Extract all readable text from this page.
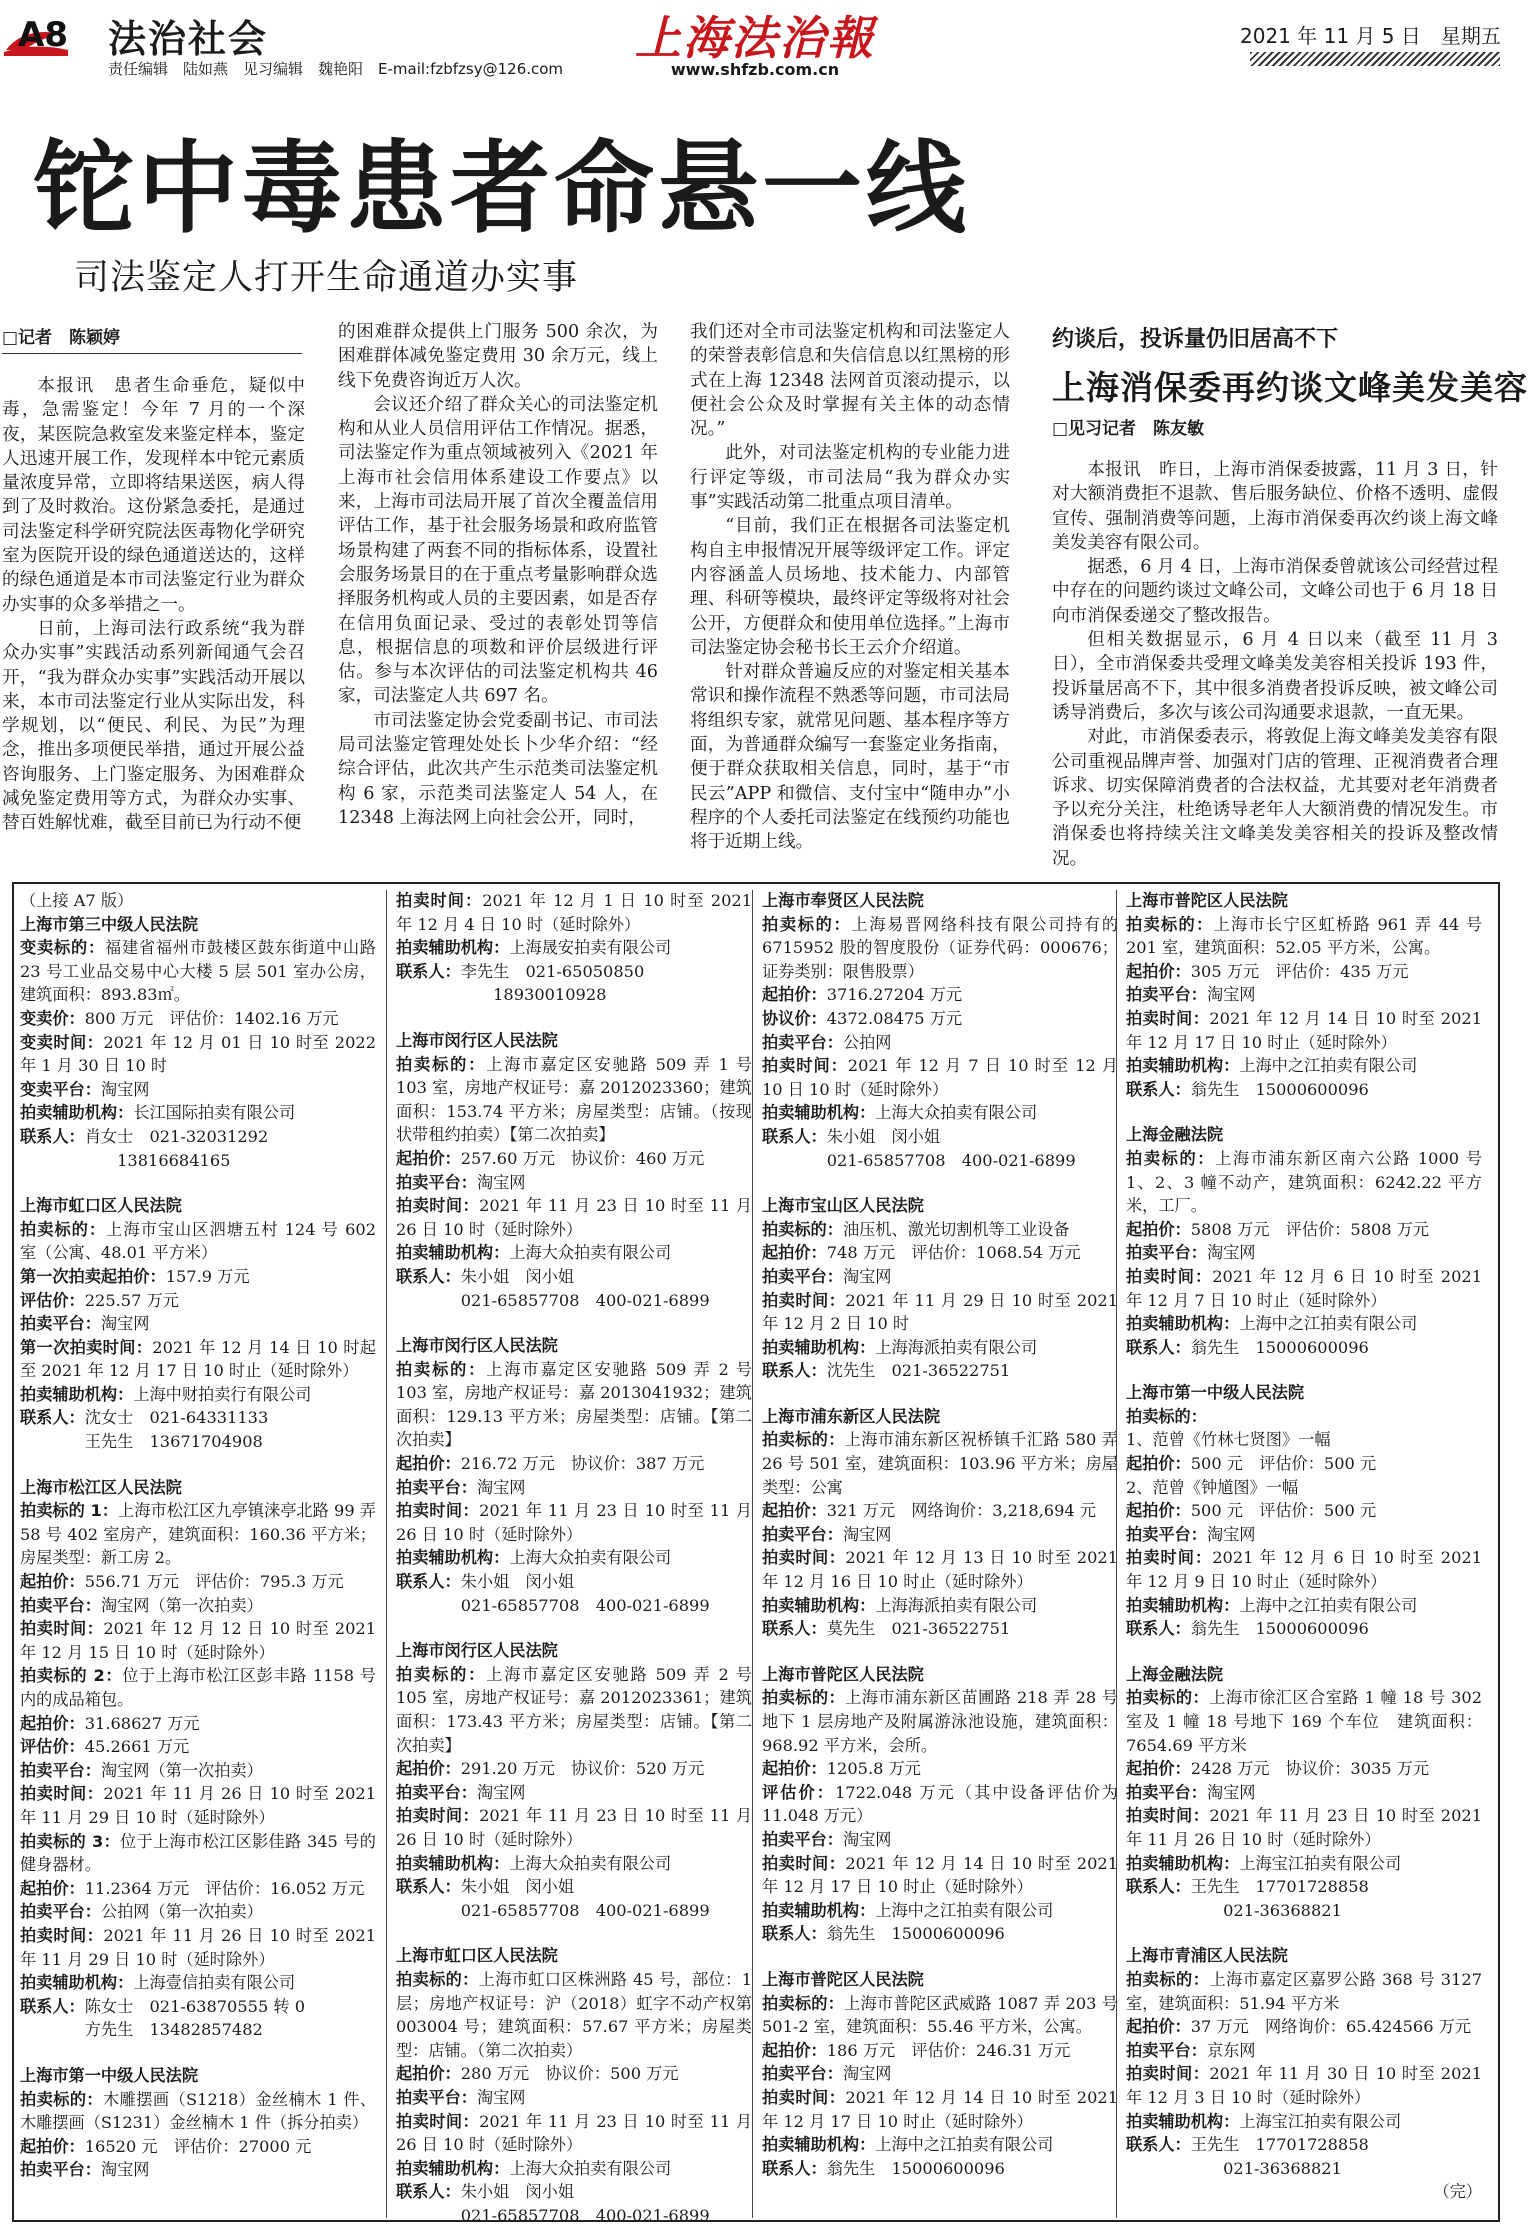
A8 法治社会
责任编辑　陆如燕　见习编辑　魏艳阳　E-mail:fzbfzsy@126.com
上海法治報
www.shfzb.com.cn
2021 年 11 月 5 日　星期五
铊中毒患者命悬一线
司法鉴定人打开生命通道办实事
□记者　陈颖婷

本报讯　患者生命垂危，疑似中毒，急需鉴定！今年 7 月的一个深夜，某医院急救室发来鉴定样本，鉴定人迅速开展工作，发现样本中铊元素质量浓度异常，立即将结果送医，病人得到了及时救治。这份紧急委托，是通过司法鉴定科学研究院法医毒物化学研究室为医院开设的绿色通道送达的，这样的绿色通道是本市司法鉴定行业为群众办实事的众多举措之一。

日前，上海司法行政系统“我为群众办实事”实践活动系列新闻通气会召开，“我为群众办实事”实践活动开展以来，本市司法鉴定行业从实际出发，科学规划，以“便民、利民、为民”为理念，推出多项便民举措，通过开展公益咨询服务、上门鉴定服务、为困难群众减免鉴定费用等方式，为群众办实事、替百姓解忧难，截至目前已为行动不便

的困难群众提供上门服务 500 余次，为困难群体减免鉴定费用 30 余万元，线上线下免费咨询近万人次。

会议还介绍了群众关心的司法鉴定机构和从业人员信用评估工作情况。据悉，司法鉴定作为重点领域被列入《2021 年上海市社会信用体系建设工作要点》以来，上海市司法局开展了首次全覆盖信用评估工作，基于社会服务场景和政府监管场景构建了两套不同的指标体系，设置社会服务场景目的在于重点考量影响群众选择服务机构或人员的主要因素，如是否存在信用负面记录、受过的表彰处罚等信息，根据信息的项数和评价层级进行评估。参与本次评估的司法鉴定机构共 46 家，司法鉴定人共 697 名。

市司法鉴定协会党委副书记、市司法局司法鉴定管理处处长卜少华介绍：“经综合评估，此次共产生示范类司法鉴定机构 6 家，示范类司法鉴定人 54 人，在 12348 上海法网上向社会公开，同时，

我们还对全市司法鉴定机构和司法鉴定人的荣誉表彰信息和失信信息以红黑榜的形式在上海 12348 法网首页滚动提示，以便社会公众及时掌握有关主体的动态情况。”

此外，对司法鉴定机构的专业能力进行评定等级，市司法局“我为群众办实事”实践活动第二批重点项目清单。

“目前，我们正在根据各司法鉴定机构自主申报情况开展等级评定工作。评定内容涵盖人员场地、技术能力、内部管理、科研等模块，最终评定等级将对社会公开，方便群众和使用单位选择。”上海市司法鉴定协会秘书长王云介介绍道。

针对群众普遍反应的对鉴定相关基本常识和操作流程不熟悉等问题，市司法局将组织专家，就常见问题、基本程序等方面，为普通群众编写一套鉴定业务指南，便于群众获取相关信息，同时，基于“市民云”APP 和微信、支付宝中“随申办”小程序的个人委托司法鉴定在线预约功能也将于近期上线。

约谈后，投诉量仍旧居高不下
上海消保委再约谈文峰美发美容
□见习记者　陈友敏

本报讯　昨日，上海市消保委披露，11 月 3 日，针对大额消费拒不退款、售后服务缺位、价格不透明、虚假宣传、强制消费等问题，上海市消保委再次约谈上海文峰美发美容有限公司。

据悉，6 月 4 日，上海市消保委曾就该公司经营过程中存在的问题约谈过文峰公司，文峰公司也于 6 月 18 日向市消保委递交了整改报告。

但相关数据显示，6 月 4 日以来（截至 11 月 3 日），全市消保委共受理文峰美发美容相关投诉 193 件，投诉量居高不下，其中很多消费者投诉反映，被文峰公司诱导消费后，多次与该公司沟通要求退款，一直无果。

对此，市消保委表示，将敦促上海文峰美发美容有限公司重视品牌声誉、加强对门店的管理、正视消费者合理诉求、切实保障消费者的合法权益，尤其要对老年消费者予以充分关注，杜绝诱导老年人大额消费的情况发生。市消保委也将持续关注文峰美发美容相关的投诉及整改情况。

（上接 A7 版）
上海市第三中级人民法院
变卖标的：福建省福州市鼓楼区鼓东街道中山路 23 号工业品交易中心大楼 5 层 501 室办公房，建筑面积：893.83㎡。
变卖价：800 万元　评估价：1402.16 万元
变卖时间：2021 年 12 月 01 日 10 时至 2022 年 1 月 30 日 10 时
变卖平台：淘宝网
拍卖辅助机构：长江国际拍卖有限公司
联系人：肖女士　021-32031292
　　　　　　13816684165
上海市虹口区人民法院
拍卖标的：上海市宝山区泗塘五村 124 号 602 室（公寓、48.01 平方米）
第一次拍卖起拍价：157.9 万元
评估价：225.57 万元
拍卖平台：淘宝网
第一次拍卖时间：2021 年 12 月 14 日 10 时起至 2021 年 12 月 17 日 10 时止（延时除外）
拍卖辅助机构：上海中财拍卖行有限公司
联系人：沈女士　021-64331133
　　　　王先生　13671704908
上海市松江区人民法院
拍卖标的 1：上海市松江区九亭镇涞亭北路 99 弄 58 号 402 室房产，建筑面积：160.36 平方米；房屋类型：新工房 2。
起拍价：556.71 万元　评估价：795.3 万元
拍卖平台：淘宝网（第一次拍卖）
拍卖时间：2021 年 12 月 12 日 10 时至 2021 年 12 月 15 日 10 时（延时除外）
拍卖标的 2：位于上海市松江区彭丰路 1158 号内的成品箱包。
起拍价：31.68627 万元
评估价：45.2661 万元
拍卖平台：淘宝网（第一次拍卖）
拍卖时间：2021 年 11 月 26 日 10 时至 2021 年 11 月 29 日 10 时（延时除外）
拍卖标的 3：位于上海市松江区影佳路 345 号的健身器材。
起拍价：11.2364 万元　评估价：16.052 万元
拍卖平台：公拍网（第一次拍卖）
拍卖时间：2021 年 11 月 26 日 10 时至 2021 年 11 月 29 日 10 时（延时除外）
拍卖辅助机构：上海壹信拍卖有限公司
联系人：陈女士　021-63870555 转 0
　　　　方先生　13482857482
上海市第一中级人民法院
拍卖标的：木雕摆画（S1218）金丝楠木 1 件、木雕摆画（S1231）金丝楠木 1 件（拆分拍卖）
起拍价：16520 元　评估价：27000 元
拍卖平台：淘宝网
拍卖时间：2021 年 12 月 1 日 10 时至 2021 年 12 月 4 日 10 时（延时除外）
拍卖辅助机构：上海晟安拍卖有限公司
联系人：李先生　021-65050850
　　　　　　18930010928
上海市闵行区人民法院
拍卖标的：上海市嘉定区安驰路 509 弄 1 号 103 室，房地产权证号：嘉 2012023360；建筑面积：153.74 平方米；房屋类型：店铺。（按现状带租约拍卖）【第二次拍卖】
起拍价：257.60 万元　协议价：460 万元
拍卖平台：淘宝网
拍卖时间：2021 年 11 月 23 日 10 时至 11 月 26 日 10 时（延时除外）
拍卖辅助机构：上海大众拍卖有限公司
联系人：朱小姐　闵小姐
　　　　021-65857708　400-021-6899
上海市闵行区人民法院
拍卖标的：上海市嘉定区安驰路 509 弄 2 号 103 室，房地产权证号：嘉 2013041932；建筑面积：129.13 平方米；房屋类型：店铺。【第二次拍卖】
起拍价：216.72 万元　协议价：387 万元
拍卖平台：淘宝网
拍卖时间：2021 年 11 月 23 日 10 时至 11 月 26 日 10 时（延时除外）
拍卖辅助机构：上海大众拍卖有限公司
联系人：朱小姐　闵小姐
　　　　021-65857708　400-021-6899
上海市闵行区人民法院
拍卖标的：上海市嘉定区安驰路 509 弄 2 号 105 室，房地产权证号：嘉 2012023361；建筑面积：173.43 平方米；房屋类型：店铺。【第二次拍卖】
起拍价：291.20 万元　协议价：520 万元
拍卖平台：淘宝网
拍卖时间：2021 年 11 月 23 日 10 时至 11 月 26 日 10 时（延时除外）
拍卖辅助机构：上海大众拍卖有限公司
联系人：朱小姐　闵小姐
　　　　021-65857708　400-021-6899
上海市虹口区人民法院
拍卖标的：上海市虹口区株洲路 45 号，部位：1 层；房地产权证号：沪（2018）虹字不动产权第 003004 号；建筑面积：57.67 平方米；房屋类型：店铺。（第二次拍卖）
起拍价：280 万元　协议价：500 万元
拍卖平台：淘宝网
拍卖时间：2021 年 11 月 23 日 10 时至 11 月 26 日 10 时（延时除外）
拍卖辅助机构：上海大众拍卖有限公司
联系人：朱小姐　闵小姐
　　　　021-65857708　400-021-6899
上海市奉贤区人民法院
拍卖标的：上海易晋网络科技有限公司持有的 6715952 股的智度股份（证券代码：000676；证券类别：限售股票）
起拍价：3716.27204 万元
协议价：4372.08475 万元
拍卖平台：公拍网
拍卖时间：2021 年 12 月 7 日 10 时至 12 月 10 日 10 时（延时除外）
拍卖辅助机构：上海大众拍卖有限公司
联系人：朱小姐　闵小姐
　　　　021-65857708　400-021-6899
上海市宝山区人民法院
拍卖标的：油压机、激光切割机等工业设备
起拍价：748 万元　评估价：1068.54 万元
拍卖平台：淘宝网
拍卖时间：2021 年 11 月 29 日 10 时至 2021 年 12 月 2 日 10 时
拍卖辅助机构：上海海派拍卖有限公司
联系人：沈先生　021-36522751
上海市浦东新区人民法院
拍卖标的：上海市浦东新区祝桥镇千汇路 580 弄 26 号 501 室，建筑面积：103.96 平方米；房屋类型：公寓
起拍价：321 万元　网络询价：3,218,694 元
拍卖平台：淘宝网
拍卖时间：2021 年 12 月 13 日 10 时至 2021 年 12 月 16 日 10 时止（延时除外）
拍卖辅助机构：上海海派拍卖有限公司
联系人：莫先生　021-36522751
上海市普陀区人民法院
拍卖标的：上海市浦东新区苗圃路 218 弄 28 号地下 1 层房地产及附属游泳池设施，建筑面积：968.92 平方米，会所。
起拍价：1205.8 万元
评估价：1722.048 万元（其中设备评估价为 11.048 万元）
拍卖平台：淘宝网
拍卖时间：2021 年 12 月 14 日 10 时至 2021 年 12 月 17 日 10 时止（延时除外）
拍卖辅助机构：上海中之江拍卖有限公司
联系人：翁先生　15000600096
上海市普陀区人民法院
拍卖标的：上海市普陀区武威路 1087 弄 203 号 501-2 室，建筑面积：55.46 平方米，公寓。
起拍价：186 万元　评估价：246.31 万元
拍卖平台：淘宝网
拍卖时间：2021 年 12 月 14 日 10 时至 2021 年 12 月 17 日 10 时止（延时除外）
拍卖辅助机构：上海中之江拍卖有限公司
联系人：翁先生　15000600096
上海市普陀区人民法院
拍卖标的：上海市长宁区虹桥路 961 弄 44 号 201 室，建筑面积：52.05 平方米，公寓。
起拍价：305 万元　评估价：435 万元
拍卖平台：淘宝网
拍卖时间：2021 年 12 月 14 日 10 时至 2021 年 12 月 17 日 10 时止（延时除外）
拍卖辅助机构：上海中之江拍卖有限公司
联系人：翁先生　15000600096
上海金融法院
拍卖标的：上海市浦东新区南六公路 1000 号 1、2、3 幢不动产，建筑面积：6242.22 平方米，工厂。
起拍价：5808 万元　评估价：5808 万元
拍卖平台：淘宝网
拍卖时间：2021 年 12 月 6 日 10 时至 2021 年 12 月 7 日 10 时止（延时除外）
拍卖辅助机构：上海中之江拍卖有限公司
联系人：翁先生　15000600096
上海市第一中级人民法院
拍卖标的：
1、范曾《竹林七贤图》一幅
起拍价：500 元　评估价：500 元
2、范曾《钟馗图》一幅
起拍价：500 元　评估价：500 元
拍卖平台：淘宝网
拍卖时间：2021 年 12 月 6 日 10 时至 2021 年 12 月 9 日 10 时止（延时除外）
拍卖辅助机构：上海中之江拍卖有限公司
联系人：翁先生　15000600096
上海金融法院
拍卖标的：上海市徐汇区合室路 1 幢 18 号 302 室及 1 幢 18 号地下 169 个车位　建筑面积：7654.69 平方米
起拍价：2428 万元　协议价：3035 万元
拍卖平台：淘宝网
拍卖时间：2021 年 11 月 23 日 10 时至 2021 年 11 月 26 日 10 时（延时除外）
拍卖辅助机构：上海宝江拍卖有限公司
联系人：王先生　17701728858
　　　　　　021-36368821
上海市青浦区人民法院
拍卖标的：上海市嘉定区嘉罗公路 368 号 3127 室，建筑面积：51.94 平方米
起拍价：37 万元　网络询价：65.424566 万元
拍卖平台：京东网
拍卖时间：2021 年 11 月 30 日 10 时至 2021 年 12 月 3 日 10 时（延时除外）
拍卖辅助机构：上海宝江拍卖有限公司
联系人：王先生　17701728858
　　　　　　021-36368821
（完）
